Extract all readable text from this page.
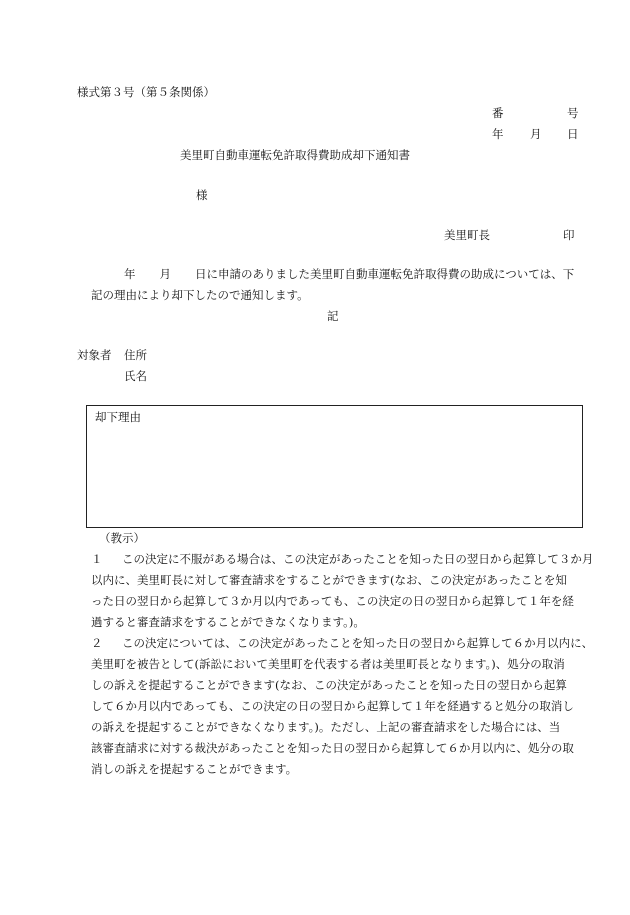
様式第３号（第５条関係）
番	号
年 月 日
美里町自動車運転免許取得費助成却下通知書
様
美里町長	印
年 月 日に申請のありました美里町自動車運転免許取得費の助成については、下
記の理由により却下したので通知します。
記
対象者 住所
氏名
却下理由
（教示）
１ この決定に不服がある場合は、この決定があったことを知った日の翌日から起算して３か月
以内に、美里町長に対して審査請求をすることができます(なお、この決定があったことを知
った日の翌日から起算して３か月以内であっても、この決定の日の翌日から起算して１年を経
過すると審査請求をすることができなくなります。)。
２ この決定については、この決定があったことを知った日の翌日から起算して６か月以内に、
美里町を被告として(訴訟において美里町を代表する者は美里町長となります。)、処分の取消
しの訴えを提起することができます(なお、この決定があったことを知った日の翌日から起算
して６か月以内であっても、この決定の日の翌日から起算して１年を経過すると処分の取消し
の訴えを提起することができなくなります。)。ただし、上記の審査請求をした場合には、当
該審査請求に対する裁決があったことを知った日の翌日から起算して６か月以内に、処分の取
消しの訴えを提起することができます。
